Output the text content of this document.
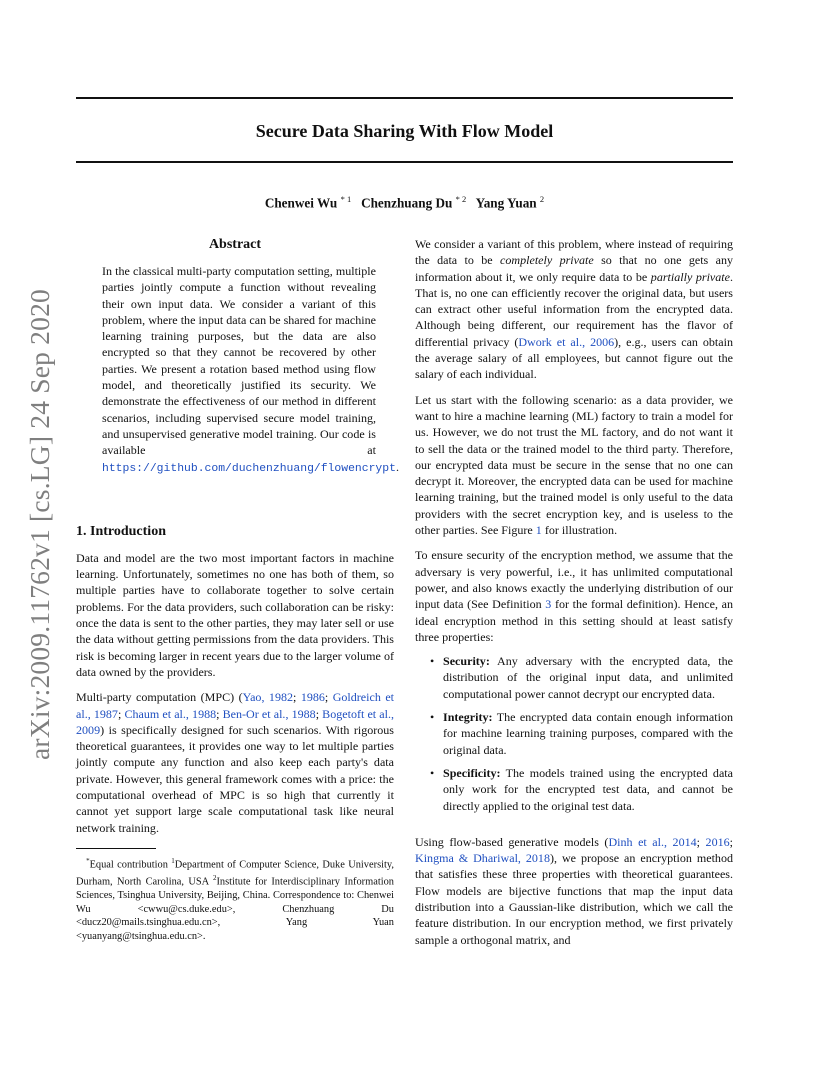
Secure Data Sharing With Flow Model
Chenwei Wu $^{* 1}$ Chenzhuang Du $^{* 2}$ Yang Yuan $^2$
arXiv:2009.11762v1 [cs.LG] 24 Sep 2020
Abstract

In the classical multi-party computation setting, multiple parties jointly compute a function without revealing their own input data. We consider a variant of this problem, where the input data can be shared for machine learning training purposes, but the data are also encrypted so that they cannot be recovered by other parties. We present a rotation based method using flow model, and theoretically justified its security. We demonstrate the effectiveness of our method in different scenarios, including supervised secure model training, and unsupervised generative model training. Our code is available at https://github.com/duchenzhuang/flowencrypt.

1. Introduction

Data and model are the two most important factors in machine learning. Unfortunately, sometimes no one has both of them, so multiple parties have to collaborate together to solve certain problems. For the data providers, such collaboration can be risky: once the data is sent to the other parties, they may later sell or use the data without getting permissions from the data providers. This risk is becoming larger in recent years due to the larger volume of data owned by the providers.

Multi-party computation (MPC) (Yao, 1982; 1986; Goldreich et al., 1987; Chaum et al., 1988; Ben-Or et al., 1988; Bogetoft et al., 2009) is specifically designed for such scenarios. With rigorous theoretical guarantees, it provides one way to let multiple parties jointly compute any function and also keep each party's data private. However, this general framework comes with a price: the computational overhead of MPC is so high that currently it cannot yet support large scale computational task like neural network training.

*Equal contribution $^1$Department of Computer Science, Duke University, Durham, North Carolina, USA $^2$Institute for Interdisciplinary Information Sciences, Tsinghua University, Beijing, China. Correspondence to: Chenwei Wu <cwwu@cs.duke.edu>, Chenzhuang Du <ducz20@mails.tsinghua.edu.cn>, Yang Yuan <yuanyang@tsinghua.edu.cn>.

We consider a variant of this problem, where instead of requiring the data to be completely private so that no one gets any information about it, we only require data to be partially private. That is, no one can efficiently recover the original data, but users can extract other useful information from the encrypted data. Although being different, our requirement has the flavor of differential privacy (Dwork et al., 2006), e.g., users can obtain the average salary of all employees, but cannot figure out the salary of each individual.

Let us start with the following scenario: as a data provider, we want to hire a machine learning (ML) factory to train a model for us. However, we do not trust the ML factory, and do not want it to sell the data or the trained model to the third party. Therefore, our encrypted data must be secure in the sense that no one can decrypt it. Moreover, the encrypted data can be used for machine learning training, but the trained model is only useful to the data providers with the secret encryption key, and is useless to the other parties. See Figure 1 for illustration.

To ensure security of the encryption method, we assume that the adversary is very powerful, i.e., it has unlimited computational power, and also knows exactly the underlying distribution of our input data (See Definition 3 for the formal definition). Hence, an ideal encryption method in this setting should at least satisfy three properties:

• Security: Any adversary with the encrypted data, the distribution of the original input data, and unlimited computational power cannot decrypt our encrypted data.

• Integrity: The encrypted data contain enough information for machine learning training purposes, compared with the original data.

• Specificity: The models trained using the encrypted data only work for the encrypted test data, and cannot be directly applied to the original test data.

Using flow-based generative models (Dinh et al., 2014; 2016; Kingma & Dhariwal, 2018), we propose an encryption method that satisfies these three properties with theoretical guarantees. Flow models are bijective functions that map the input data distribution into a Gaussian-like distribution, which we call the feature distribution. In our encryption method, we first privately sample a orthogonal matrix, and
